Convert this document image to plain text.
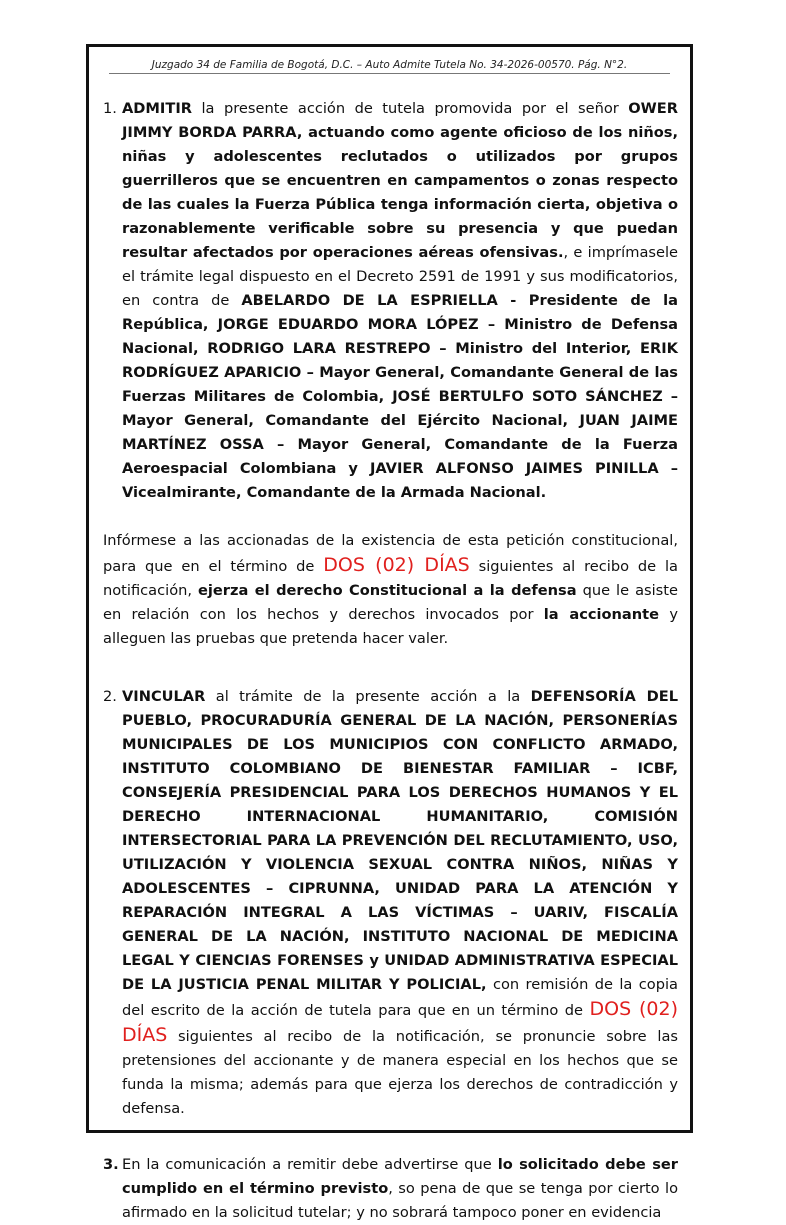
Juzgado 34 de Familia de Bogotá, D.C. – Auto Admite Tutela No. 34-2026-00570. Pág. N°2.
1. ADMITIR la presente acción de tutela promovida por el señor OWER JIMMY BORDA PARRA, actuando como agente oficioso de los niños, niñas y adolescentes reclutados o utilizados por grupos guerrilleros que se encuentren en campamentos o zonas respecto de las cuales la Fuerza Pública tenga información cierta, objetiva o razonablemente verificable sobre su presencia y que puedan resultar afectados por operaciones aéreas ofensivas., e imprímasele el trámite legal dispuesto en el Decreto 2591 de 1991 y sus modificatorios, en contra de ABELARDO DE LA ESPRIELLA - Presidente de la República, JORGE EDUARDO MORA LÓPEZ – Ministro de Defensa Nacional, RODRIGO LARA RESTREPO – Ministro del Interior, ERIK RODRÍGUEZ APARICIO – Mayor General, Comandante General de las Fuerzas Militares de Colombia, JOSÉ BERTULFO SOTO SÁNCHEZ – Mayor General, Comandante del Ejército Nacional, JUAN JAIME MARTÍNEZ OSSA – Mayor General, Comandante de la Fuerza Aeroespacial Colombiana y JAVIER ALFONSO JAIMES PINILLA – Vicealmirante, Comandante de la Armada Nacional.

Infórmese a las accionadas de la existencia de esta petición constitucional, para que en el término de DOS (02) DÍAS siguientes al recibo de la notificación, ejerza el derecho Constitucional a la defensa que le asiste en relación con los hechos y derechos invocados por la accionante y alleguen las pruebas que pretenda hacer valer.

2. VINCULAR al trámite de la presente acción a la DEFENSORÍA DEL PUEBLO, PROCURADURÍA GENERAL DE LA NACIÓN, PERSONERÍAS MUNICIPALES DE LOS MUNICIPIOS CON CONFLICTO ARMADO, INSTITUTO COLOMBIANO DE BIENESTAR FAMILIAR – ICBF, CONSEJERÍA PRESIDENCIAL PARA LOS DERECHOS HUMANOS Y EL DERECHO INTERNACIONAL HUMANITARIO, COMISIÓN INTERSECTORIAL PARA LA PREVENCIÓN DEL RECLUTAMIENTO, USO, UTILIZACIÓN Y VIOLENCIA SEXUAL CONTRA NIÑOS, NIÑAS Y ADOLESCENTES – CIPRUNNA, UNIDAD PARA LA ATENCIÓN Y REPARACIÓN INTEGRAL A LAS VÍCTIMAS – UARIV, FISCALÍA GENERAL DE LA NACIÓN, INSTITUTO NACIONAL DE MEDICINA LEGAL Y CIENCIAS FORENSES y UNIDAD ADMINISTRATIVA ESPECIAL DE LA JUSTICIA PENAL MILITAR Y POLICIAL, con remisión de la copia del escrito de la acción de tutela para que en un término de DOS (02) DÍAS siguientes al recibo de la notificación, se pronuncie sobre las pretensiones del accionante y de manera especial en los hechos que se funda la misma; además para que ejerza los derechos de contradicción y defensa.

3. En la comunicación a remitir debe advertirse que lo solicitado debe ser cumplido en el término previsto, so pena de que se tenga por cierto lo afirmado en la solicitud tutelar; y no sobrará tampoco poner en evidencia
